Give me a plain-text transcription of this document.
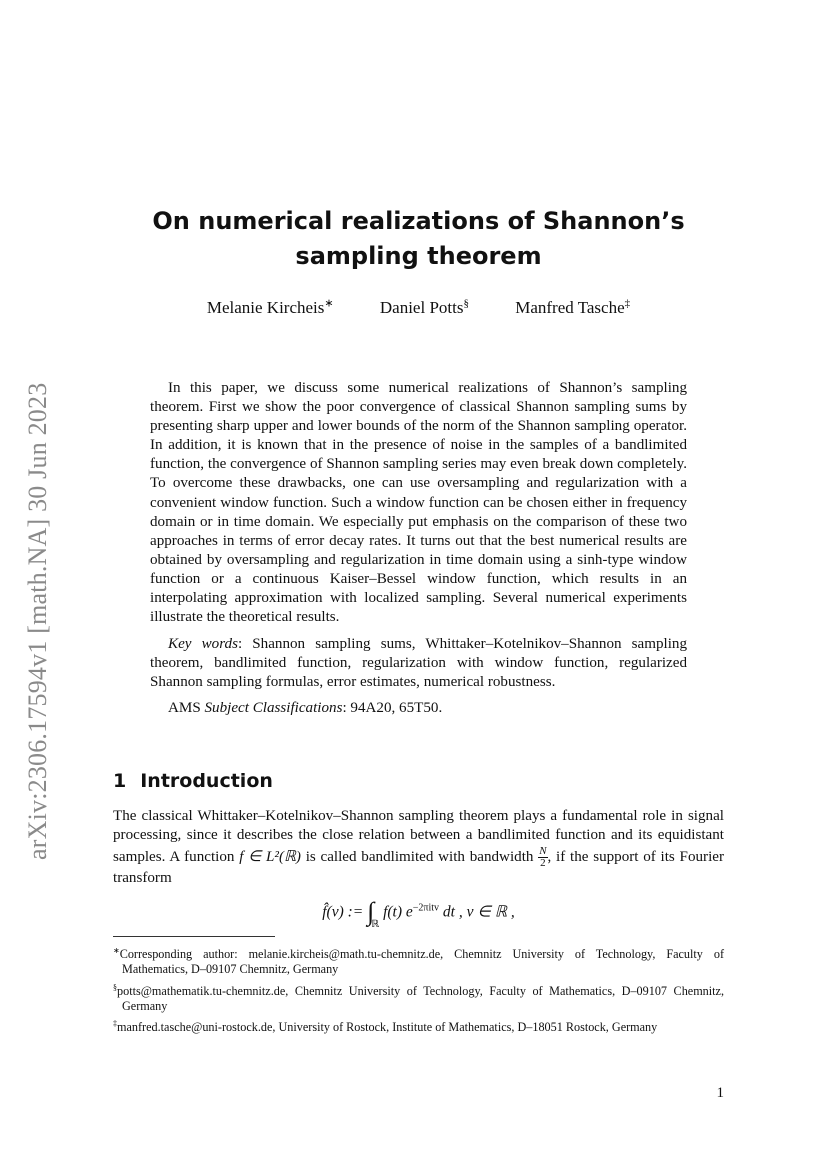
arXiv:2306.17594v1 [math.NA] 30 Jun 2023
On numerical realizations of Shannon’s
sampling theorem
Melanie Kircheis∗	Daniel Potts§	Manfred Tasche‡

In this paper, we discuss some numerical realizations of Shannon’s sampling theorem. First we show the poor convergence of classical Shannon sampling sums by presenting sharp upper and lower bounds of the norm of the Shannon sampling operator. In addition, it is known that in the presence of noise in the samples of a bandlimited function, the convergence of Shannon sampling series may even break down completely. To overcome these drawbacks, one can use oversampling and regularization with a convenient window function. Such a window function can be chosen either in frequency domain or in time domain. We especially put emphasis on the comparison of these two approaches in terms of error decay rates. It turns out that the best numerical results are obtained by oversampling and regularization in time domain using a sinh-type window function or a continuous Kaiser–Bessel window function, which results in an interpolating approximation with localized sampling. Several numerical experiments illustrate the theoretical results.

Key words: Shannon sampling sums, Whittaker–Kotelnikov–Shannon sampling theorem, bandlimited function, regularization with window function, regularized Shannon sampling formulas, error estimates, numerical robustness.

AMS Subject Classifications: 94A20, 65T50.

1 Introduction

The classical Whittaker–Kotelnikov–Shannon sampling theorem plays a fundamental role in signal processing, since it describes the close relation between a bandlimited function and its equidistant samples. A function f ∈ L²(ℝ) is called bandlimited with bandwidth $\frac{N}{2}$ , if the support of its Fourier transform

f̂(v) := $\int_ℝ$ f(t) $e^{-2\pi itv}$ dt , v ∈ ℝ ,

∗Corresponding author: melanie.kircheis@math.tu-chemnitz.de, Chemnitz University of Technology, Faculty of Mathematics, D–09107 Chemnitz, Germany

§potts@mathematik.tu-chemnitz.de, Chemnitz University of Technology, Faculty of Mathematics, D–09107 Chemnitz, Germany

‡manfred.tasche@uni-rostock.de, University of Rostock, Institute of Mathematics, D–18051 Rostock, Germany

1
